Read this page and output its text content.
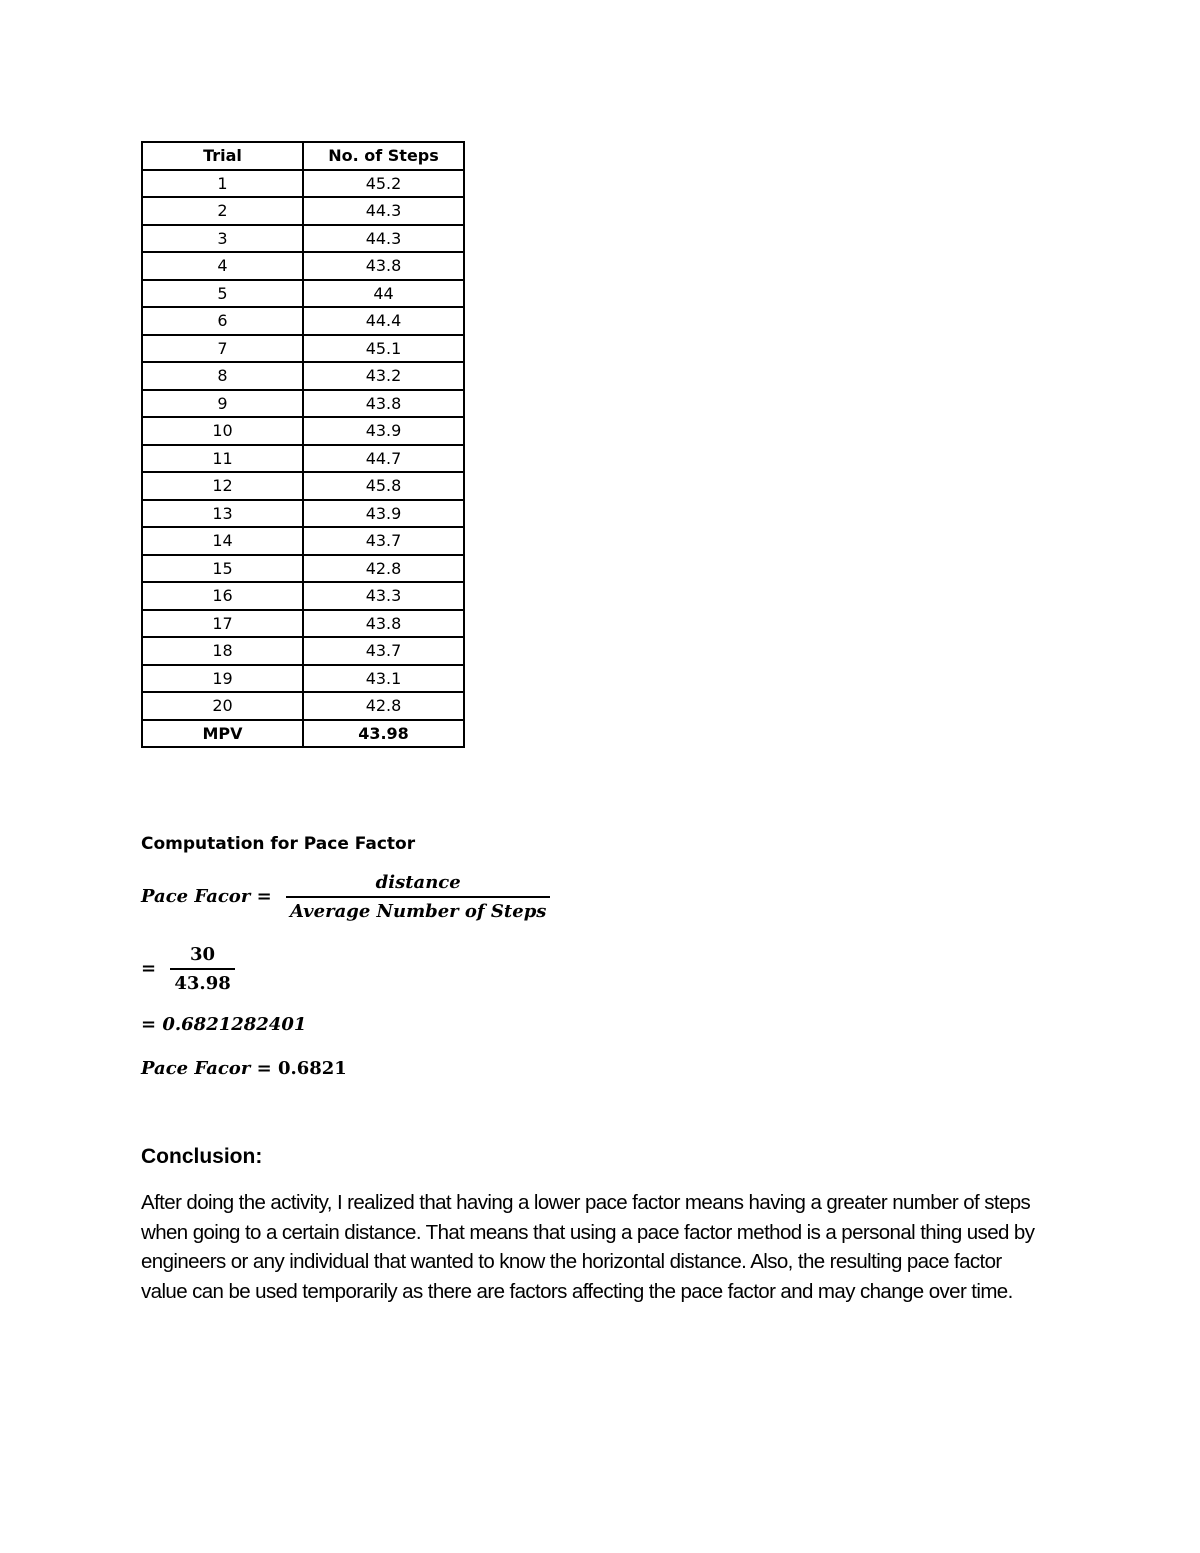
Trial	No. of Steps
1	45.2
2	44.3
3	44.3
4	43.8
5	44
6	44.4
7	45.1
8	43.2
9	43.8
10	43.9
11	44.7
12	45.8
13	43.9
14	43.7
15	42.8
16	43.3
17	43.8
18	43.7
19	43.1
20	42.8
MPV	43.98
Computation for Pace Factor
Pace Facor = $\frac{\text{distance}}{\text{Average Number of Steps}}$
= $\frac{30}{43.98}$
= 0.6821282401
Pace Facor = 0.6821
Conclusion:
After doing the activity, I realized that having a lower pace factor means having a greater number of steps when going to a certain distance. That means that using a pace factor method is a personal thing used by engineers or any individual that wanted to know the horizontal distance. Also, the resulting pace factor value can be used temporarily as there are factors affecting the pace factor and may change over time.
